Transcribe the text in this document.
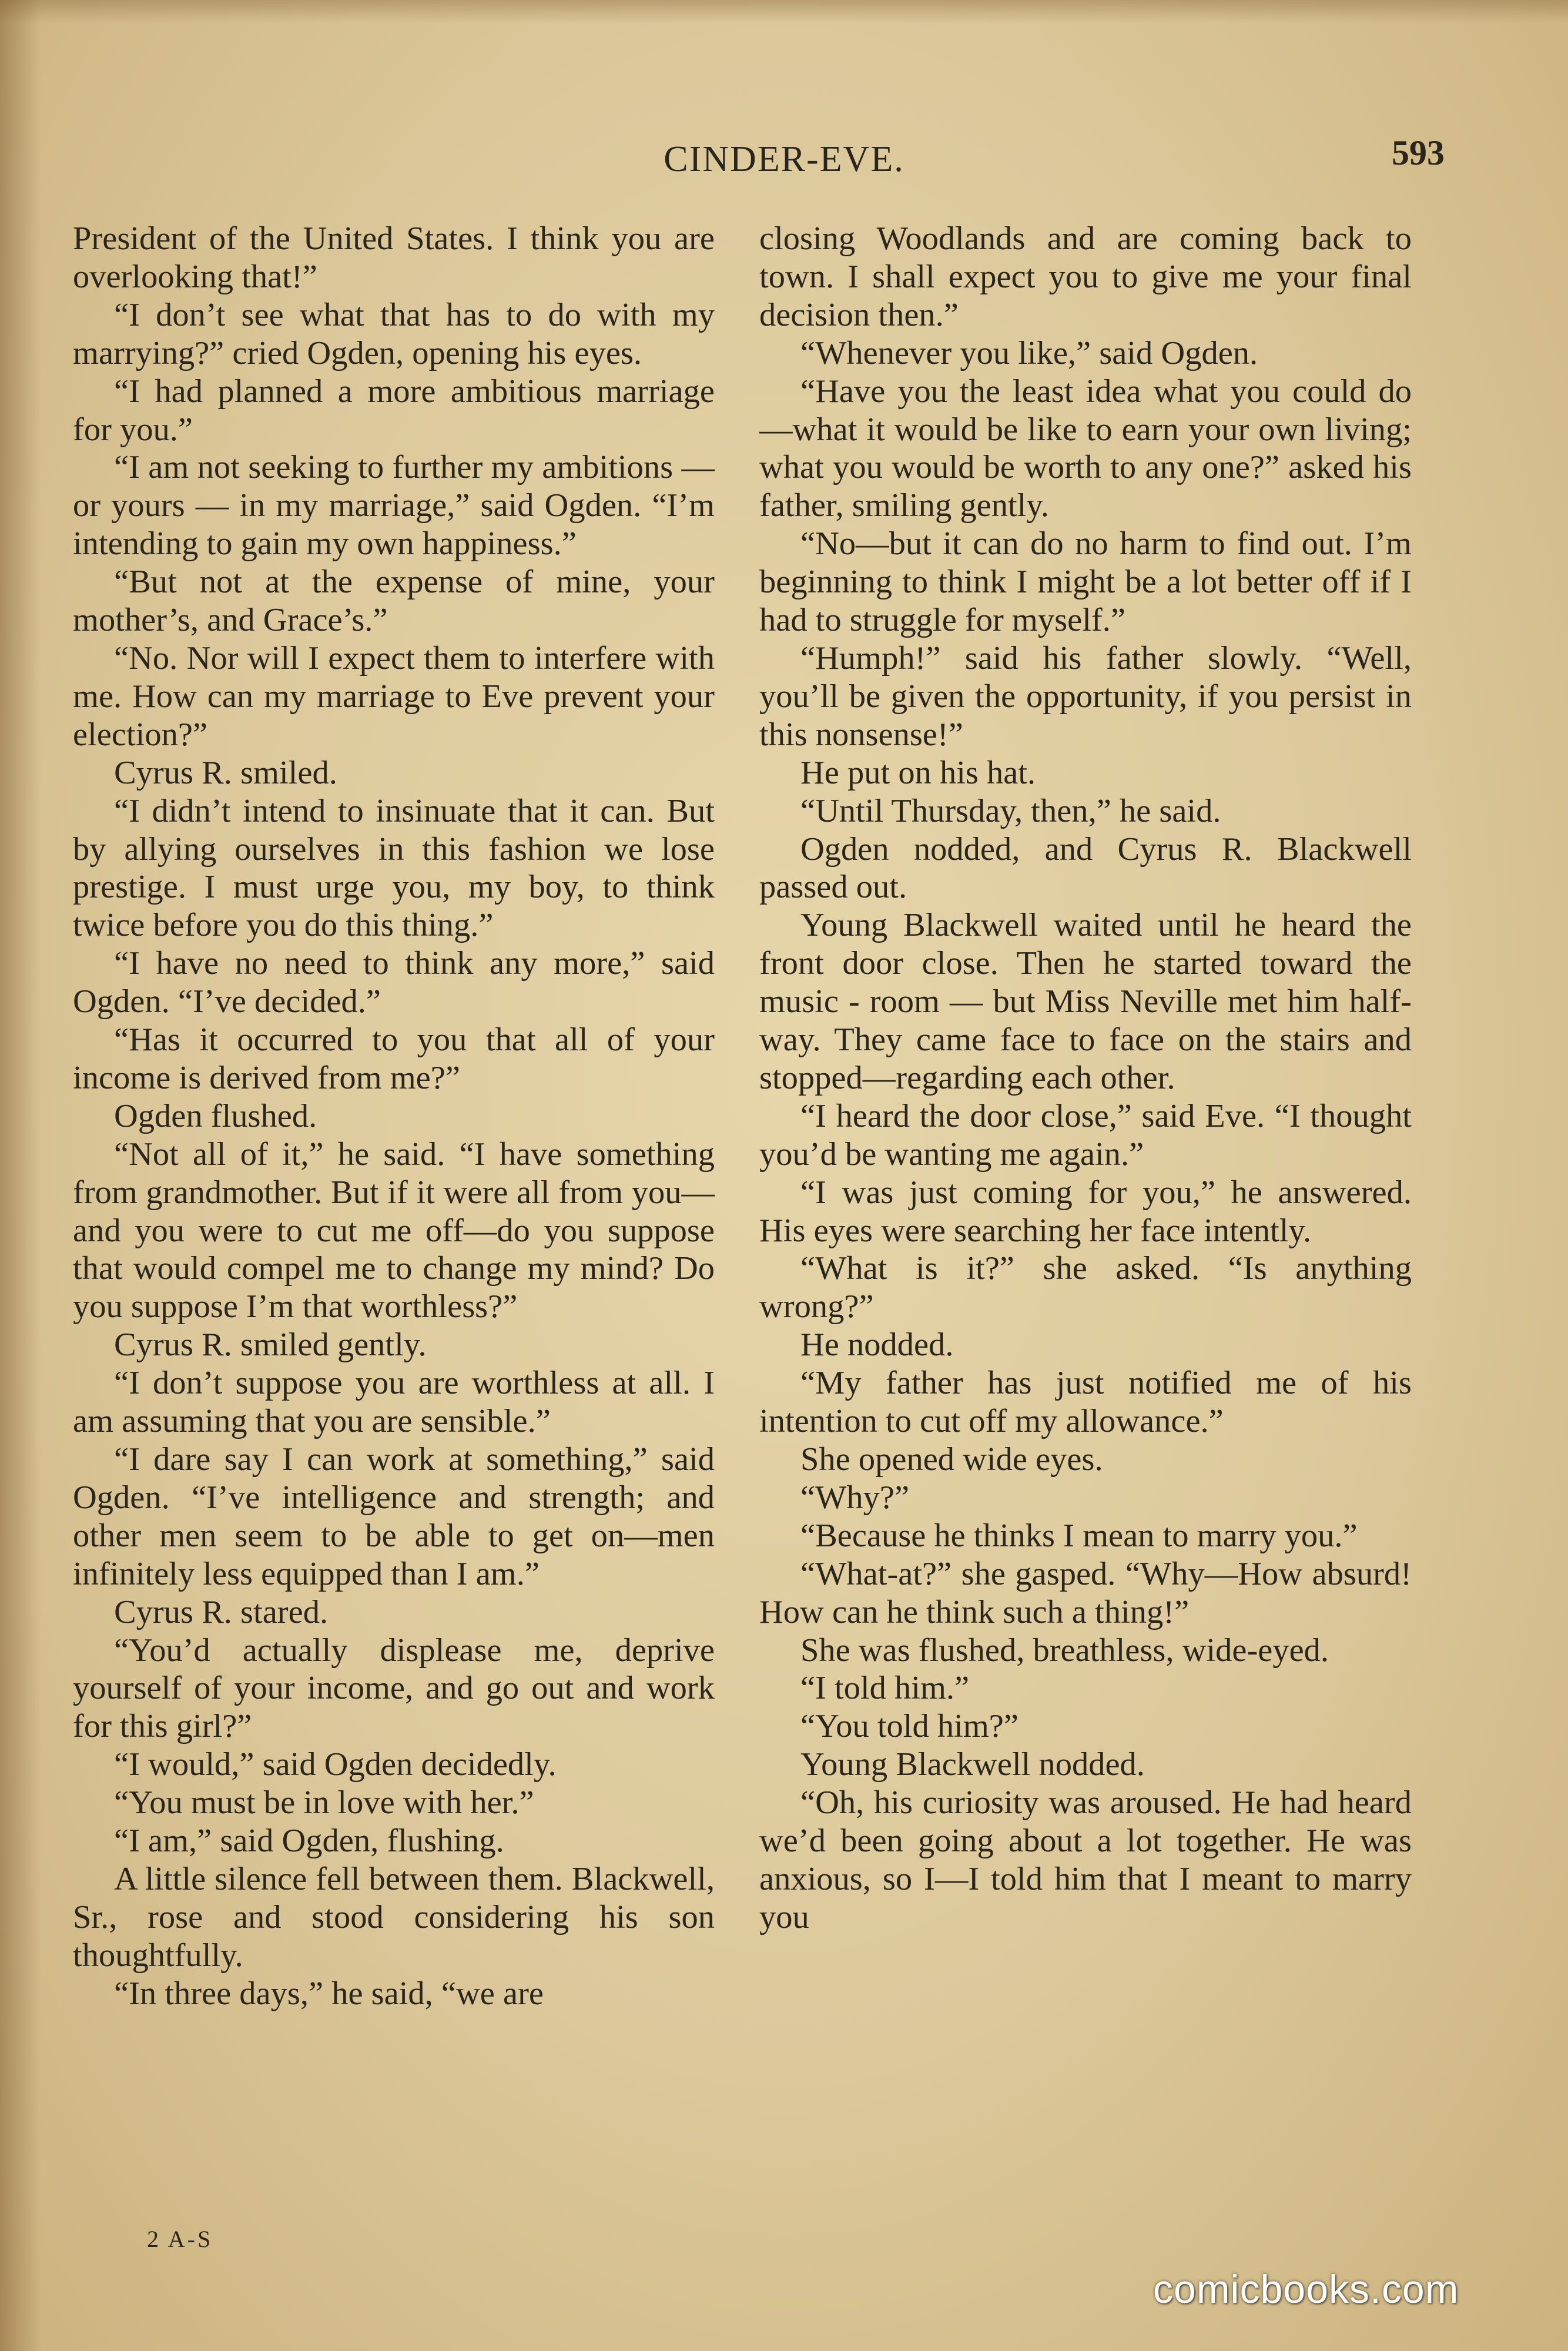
CINDER-EVE.	593

President of the United States. I think you are overlooking that!”

“I don’t see what that has to do with my marrying?” cried Ogden, opening his eyes.

“I had planned a more ambitious marriage for you.”

“I am not seeking to further my ambitions — or yours — in my marriage,” said Ogden. “I’m intending to gain my own happiness.”

“But not at the expense of mine, your mother’s, and Grace’s.”

“No. Nor will I expect them to interfere with me. How can my marriage to Eve prevent your election?”

Cyrus R. smiled.

“I didn’t intend to insinuate that it can. But by allying ourselves in this fashion we lose prestige. I must urge you, my boy, to think twice before you do this thing.”

“I have no need to think any more,” said Ogden. “I’ve decided.”

“Has it occurred to you that all of your income is derived from me?”

Ogden flushed.

“Not all of it,” he said. “I have something from grandmother. But if it were all from you—and you were to cut me off—do you suppose that would compel me to change my mind? Do you suppose I’m that worthless?”

Cyrus R. smiled gently.

“I don’t suppose you are worthless at all. I am assuming that you are sensible.”

“I dare say I can work at something,” said Ogden. “I’ve intelligence and strength; and other men seem to be able to get on—men infinitely less equipped than I am.”

Cyrus R. stared.

“You’d actually displease me, deprive yourself of your income, and go out and work for this girl?”

“I would,” said Ogden decidedly.

“You must be in love with her.”

“I am,” said Ogden, flushing.

A little silence fell between them. Blackwell, Sr., rose and stood considering his son thoughtfully.

“In three days,” he said, “we are

closing Woodlands and are coming back to town. I shall expect you to give me your final decision then.”

“Whenever you like,” said Ogden.

“Have you the least idea what you could do—what it would be like to earn your own living; what you would be worth to any one?” asked his father, smiling gently.

“No—but it can do no harm to find out. I’m beginning to think I might be a lot better off if I had to struggle for myself.”

“Humph!” said his father slowly. “Well, you’ll be given the opportunity, if you persist in this nonsense!”

He put on his hat.

“Until Thursday, then,” he said.

Ogden nodded, and Cyrus R. Blackwell passed out.

Young Blackwell waited until he heard the front door close. Then he started toward the music - room — but Miss Neville met him half-way. They came face to face on the stairs and stopped—regarding each other.

“I heard the door close,” said Eve. “I thought you’d be wanting me again.”

“I was just coming for you,” he answered. His eyes were searching her face intently.

“What is it?” she asked. “Is anything wrong?”

He nodded.

“My father has just notified me of his intention to cut off my allowance.”

She opened wide eyes.

“Why?”

“Because he thinks I mean to marry you.”

“What-at?” she gasped. “Why—How absurd! How can he think such a thing!”

She was flushed, breathless, wide-eyed.

“I told him.”

“You told him?”

Young Blackwell nodded.

“Oh, his curiosity was aroused. He had heard we’d been going about a lot together. He was anxious, so I—I told him that I meant to marry you

2 A-S
comicbooks.com
